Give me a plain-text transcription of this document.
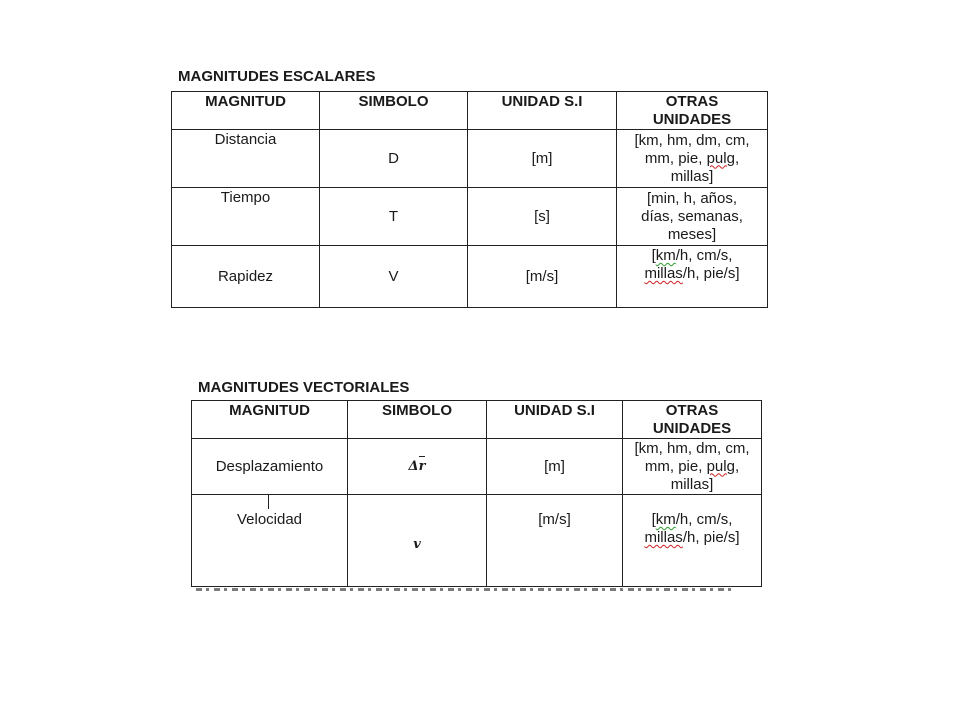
MAGNITUDES ESCALARES
MAGNITUD	SIMBOLO	UNIDAD S.I	OTRAS
UNIDADES
Distancia	D	[m]	[km, hm, dm, cm,
mm, pie, pulg,
millas]
Tiempo	T	[s]	[min, h, años,
días, semanas,
meses]
Rapidez	V	[m/s]	[km/h, cm/s,
millas/h, pie/s]
MAGNITUDES VECTORIALES
MAGNITUD	SIMBOLO	UNIDAD S.I	OTRAS
UNIDADES
Desplazamiento	Δr	[m]	[km, hm, dm, cm,
mm, pie, pulg,
millas]
Velocidad	v	[m/s]	[km/h, cm/s,
millas/h, pie/s]
